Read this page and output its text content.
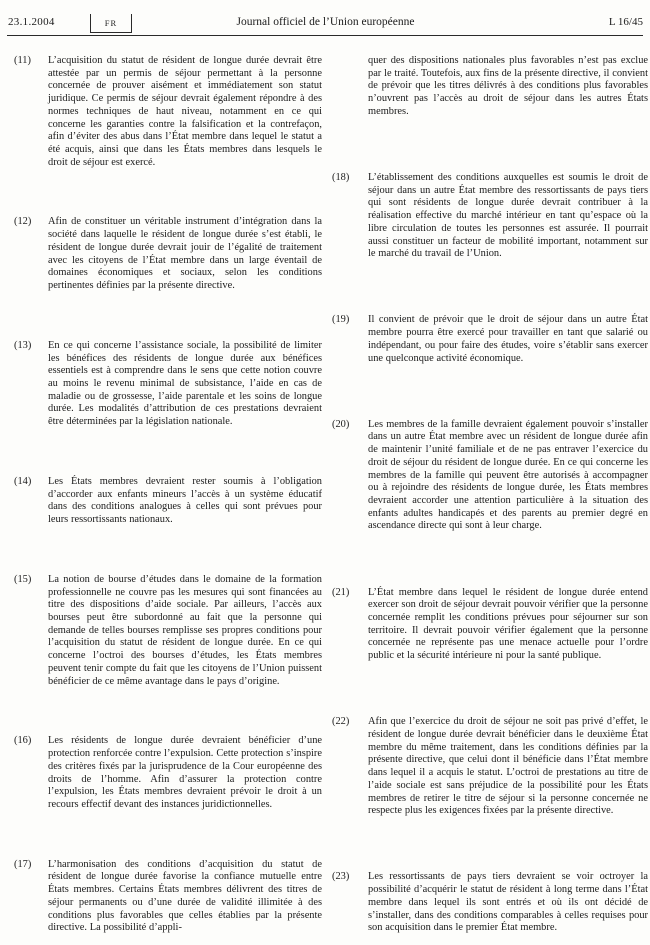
23.1.2004	Journal officiel de l’Union européenne
FR	L 16/45
(11)	L’acquisition du statut de résident de longue durée devrait être attestée par un permis de séjour permettant à la personne concernée de prouver aisément et immédiatement son statut juridique. Ce permis de séjour devrait également répondre à des normes techniques de haut niveau, notamment en ce qui concerne les garanties contre la falsification et la contrefaçon, afin d’éviter des abus dans l’État membre dans lequel le statut a été acquis, ainsi que dans les États membres dans lesquels le droit de séjour est exercé.
(12)	Afin de constituer un véritable instrument d’intégration dans la société dans laquelle le résident de longue durée s’est établi, le résident de longue durée devrait jouir de l’égalité de traitement avec les citoyens de l’État membre dans un large éventail de domaines économiques et sociaux, selon les conditions pertinentes définies par la présente directive.
(13)	En ce qui concerne l’assistance sociale, la possibilité de limiter les bénéfices des résidents de longue durée aux bénéfices essentiels est à comprendre dans le sens que cette notion couvre au moins le revenu minimal de subsistance, l’aide en cas de maladie ou de grossesse, l’aide parentale et les soins de longue durée. Les modalités d’attribution de ces prestations devraient être déterminées par la législation nationale.
(14)	Les États membres devraient rester soumis à l’obligation d’accorder aux enfants mineurs l’accès à un système éducatif dans des conditions analogues à celles qui sont prévues pour leurs ressortissants nationaux.
(15)	La notion de bourse d’études dans le domaine de la formation professionnelle ne couvre pas les mesures qui sont financées au titre des dispositions d’aide sociale. Par ailleurs, l’accès aux bourses peut être subordonné au fait que la personne qui demande de telles bourses remplisse ses propres conditions pour l’acquisition du statut de résident de longue durée. En ce qui concerne l’octroi des bourses d’études, les États membres peuvent tenir compte du fait que les citoyens de l’Union puissent bénéficier de ce même avantage dans le pays d’origine.
(16)	Les résidents de longue durée devraient bénéficier d’une protection renforcée contre l’expulsion. Cette protection s’inspire des critères fixés par la jurisprudence de la Cour européenne des droits de l’homme. Afin d’assurer la protection contre l’expulsion, les États membres devraient prévoir le droit à un recours effectif devant des instances juridictionnelles.
(17)	L’harmonisation des conditions d’acquisition du statut de résident de longue durée favorise la confiance mutuelle entre États membres. Certains États membres délivrent des titres de séjour permanents ou d’une durée de validité illimitée à des conditions plus favorables que celles établies par la présente directive. La possibilité d’appli-
quer des dispositions nationales plus favorables n’est pas exclue par le traité. Toutefois, aux fins de la présente directive, il convient de prévoir que les titres délivrés à des conditions plus favorables n’ouvrent pas l’accès au droit de séjour dans les autres États membres.
(18)	L’établissement des conditions auxquelles est soumis le droit de séjour dans un autre État membre des ressortissants de pays tiers qui sont résidents de longue durée devrait contribuer à la réalisation effective du marché intérieur en tant qu’espace où la libre circulation de toutes les personnes est assurée. Il pourrait aussi constituer un facteur de mobilité important, notamment sur le marché du travail de l’Union.
(19)	Il convient de prévoir que le droit de séjour dans un autre État membre pourra être exercé pour travailler en tant que salarié ou indépendant, ou pour faire des études, voire s’établir sans exercer une quelconque activité économique.
(20)	Les membres de la famille devraient également pouvoir s’installer dans un autre État membre avec un résident de longue durée afin de maintenir l’unité familiale et de ne pas entraver l’exercice du droit de séjour du résident de longue durée. En ce qui concerne les membres de la famille qui peuvent être autorisés à accompagner ou à rejoindre des résidents de longue durée, les États membres devraient accorder une attention particulière à la situation des enfants adultes handicapés et des parents au premier degré en ascendance directe qui sont à leur charge.
(21)	L’État membre dans lequel le résident de longue durée entend exercer son droit de séjour devrait pouvoir vérifier que la personne concernée remplit les conditions prévues pour séjourner sur son territoire. Il devrait pouvoir vérifier également que la personne concernée ne représente pas une menace actuelle pour l’ordre public et la sécurité intérieure ni pour la santé publique.
(22)	Afin que l’exercice du droit de séjour ne soit pas privé d’effet, le résident de longue durée devrait bénéficier dans le deuxième État membre du même traitement, dans les conditions définies par la présente directive, que celui dont il bénéficie dans l’État membre dans lequel il a acquis le statut. L’octroi de prestations au titre de l’aide sociale est sans préjudice de la possibilité pour les États membres de retirer le titre de séjour si la personne concernée ne respecte plus les exigences fixées par la présente directive.
(23)	Les ressortissants de pays tiers devraient se voir octroyer la possibilité d’acquérir le statut de résident à long terme dans l’État membre dans lequel ils sont entrés et où ils ont décidé de s’installer, dans des conditions comparables à celles requises pour son acquisition dans le premier État membre.
